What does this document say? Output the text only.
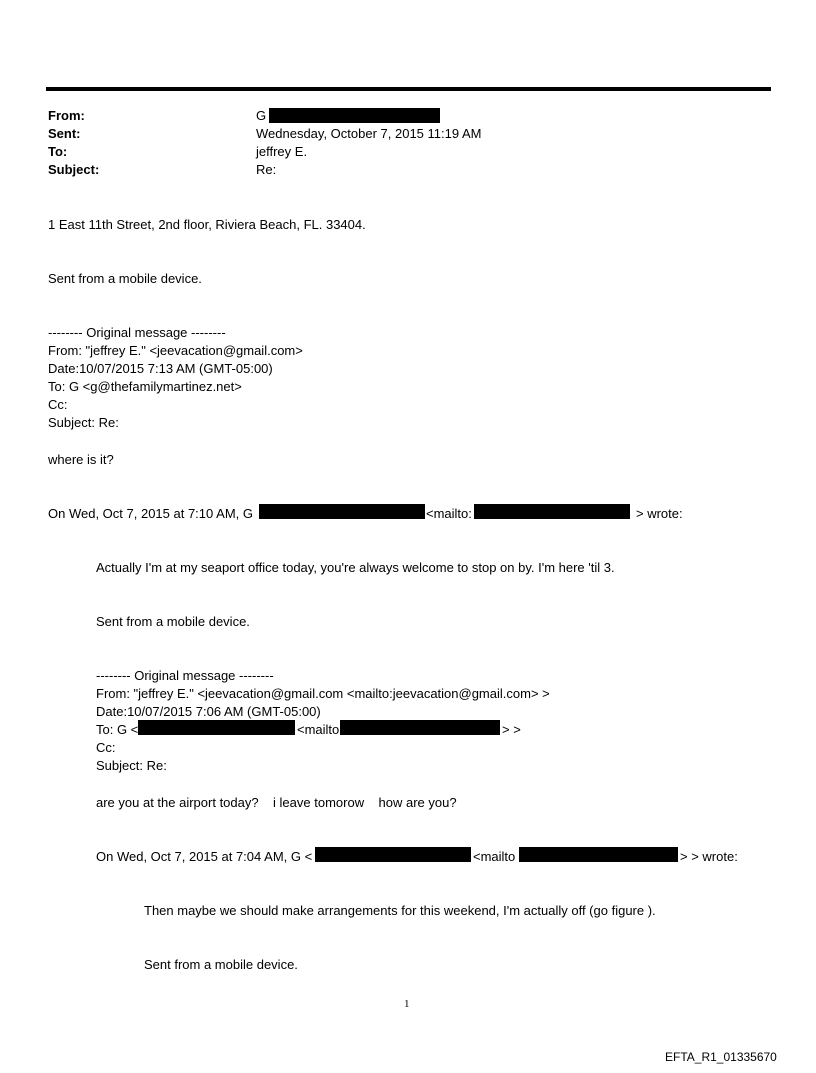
From:	G
Sent:	Wednesday, October 7, 2015 11:19 AM
To:	jeffrey E.
Subject:	Re:
1 East 11th Street, 2nd floor, Riviera Beach, FL. 33404.
Sent from a mobile device.
-------- Original message --------
From: "jeffrey E." <jeevacation@gmail.com>
Date:10/07/2015 7:13 AM (GMT-05:00)
To: G <g@thefamilymartinez.net>
Cc:
Subject: Re:
where is it?
On Wed, Oct 7, 2015 at 7:10 AM, G	<mailto:	> wrote:
Actually I'm at my seaport office today, you're always welcome to stop on by. I'm here 'til 3.
Sent from a mobile device.
-------- Original message --------
From: "jeffrey E." <jeevacation@gmail.com <mailto:jeevacation@gmail.com> >
Date:10/07/2015 7:06 AM (GMT-05:00)
To: G <	<mailto	> >
Cc:
Subject: Re:
are you at the airport today?    i leave tomorow    how are you?
On Wed, Oct 7, 2015 at 7:04 AM, G <	<mailto	> > wrote:
Then maybe we should make arrangements for this weekend, I'm actually off (go figure ).
Sent from a mobile device.
1
EFTA_R1_01335670
